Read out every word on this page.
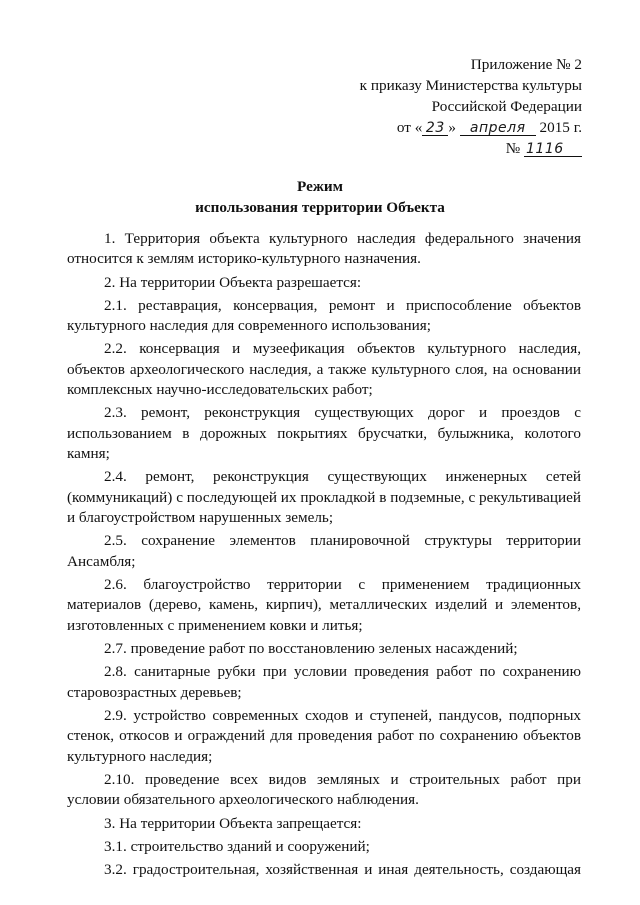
Приложение № 2
к приказу Министерства культуры
Российской Федерации
от « 23 » апреля 2015 г.
№ 1116
Режим
использования территории Объекта

1. Территория объекта культурного наследия федерального значения относится к землям историко-культурного назначения.

2. На территории Объекта разрешается:

2.1. реставрация, консервация, ремонт и приспособление объектов культурного наследия для современного использования;

2.2. консервация и музеефикация объектов культурного наследия, объектов археологического наследия, а также культурного слоя, на основании комплексных научно-исследовательских работ;

2.3. ремонт, реконструкция существующих дорог и проездов с использованием в дорожных покрытиях брусчатки, булыжника, колотого камня;

2.4. ремонт, реконструкция существующих инженерных сетей (коммуникаций) с последующей их прокладкой в подземные, с рекультивацией и благоустройством нарушенных земель;

2.5. сохранение элементов планировочной структуры территории Ансамбля;

2.6. благоустройство территории с применением традиционных материалов (дерево, камень, кирпич), металлических изделий и элементов, изготовленных с применением ковки и литья;

2.7. проведение работ по восстановлению зеленых насаждений;

2.8. санитарные рубки при условии проведения работ по сохранению старовозрастных деревьев;

2.9. устройство современных сходов и ступеней, пандусов, подпорных стенок, откосов и ограждений для проведения работ по сохранению объектов культурного наследия;

2.10. проведение всех видов земляных и строительных работ при условии обязательного археологического наблюдения.

3. На территории Объекта запрещается:

3.1. строительство зданий и сооружений;

3.2. градостроительная, хозяйственная и иная деятельность, создающая
